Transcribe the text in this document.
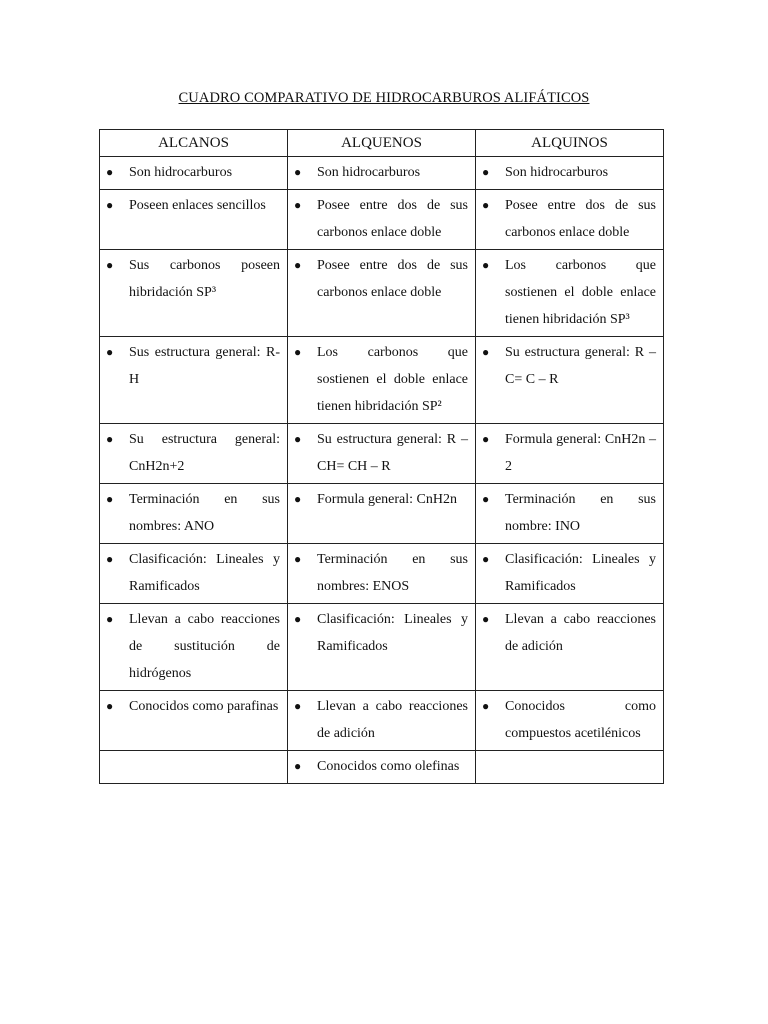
CUADRO COMPARATIVO DE HIDROCARBUROS ALIFÁTICOS
ALCANOS	ALQUENOS	ALQUINOS

● Son hidrocarburos	● Son hidrocarburos	● Son hidrocarburos

● Poseen enlaces sencillos	● Posee entre dos de sus carbonos enlace doble	● Posee entre dos de sus carbonos enlace doble

● Sus carbonos poseen hibridación SP³	● Posee entre dos de sus carbonos enlace doble	● Los carbonos que sostienen el doble enlace tienen hibridación SP³

● Sus estructura general: R-H	● Los carbonos que sostienen el doble enlace tienen hibridación SP²	● Su estructura general: R – C= C – R

● Su estructura general: CnH2n+2	● Su estructura general: R – CH= CH – R	● Formula general: CnH2n – 2

● Terminación en sus nombres: ANO	● Formula general: CnH2n	● Terminación en sus nombre: INO

● Clasificación: Lineales y Ramificados	● Terminación en sus nombres: ENOS	● Clasificación: Lineales y Ramificados

● Llevan a cabo reacciones de sustitución de hidrógenos	● Clasificación: Lineales y Ramificados	● Llevan a cabo reacciones de adición

● Conocidos como parafinas	● Llevan a cabo reacciones de adición	● Conocidos como compuestos acetilénicos

	● Conocidos como olefinas	
